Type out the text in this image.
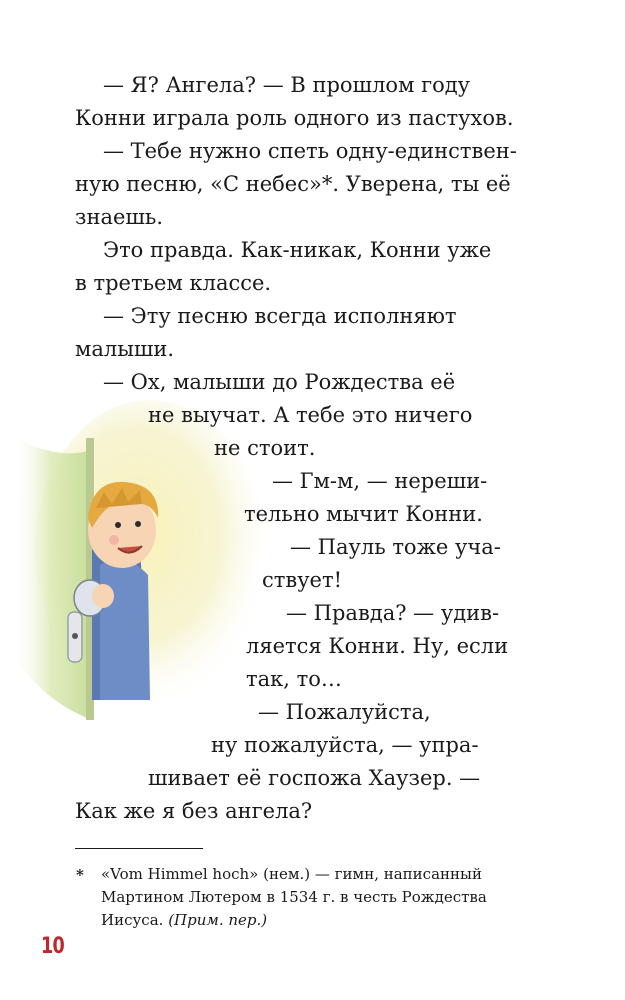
— Я? Ангела? — В прошлом году
Конни играла роль одного из пастухов.
— Тебе нужно спеть одну-единствен-
ную песню, «С небес»*. Уверена, ты её
знаешь.
Это правда. Как-никак, Конни уже
в третьем классе.
— Эту песню всегда исполняют
малыши.
— Ох, малыши до Рождества её
не выучат. А тебе это ничего
не стоит.
— Гм-м, — нереши-
тельно мычит Конни.
— Пауль тоже уча-
ствует!
— Правда? — удив-
ляется Конни. Ну, если
так, то…
— Пожалуйста,
ну пожалуйста, — упра-
шивает её госпожа Хаузер. —
Как же я без ангела?
* «Vom Himmel hoch» (нем.) — гимн, написанный
Мартином Лютером в 1534 г. в честь Рождества
Иисуса. (Прим. пер.)
10
